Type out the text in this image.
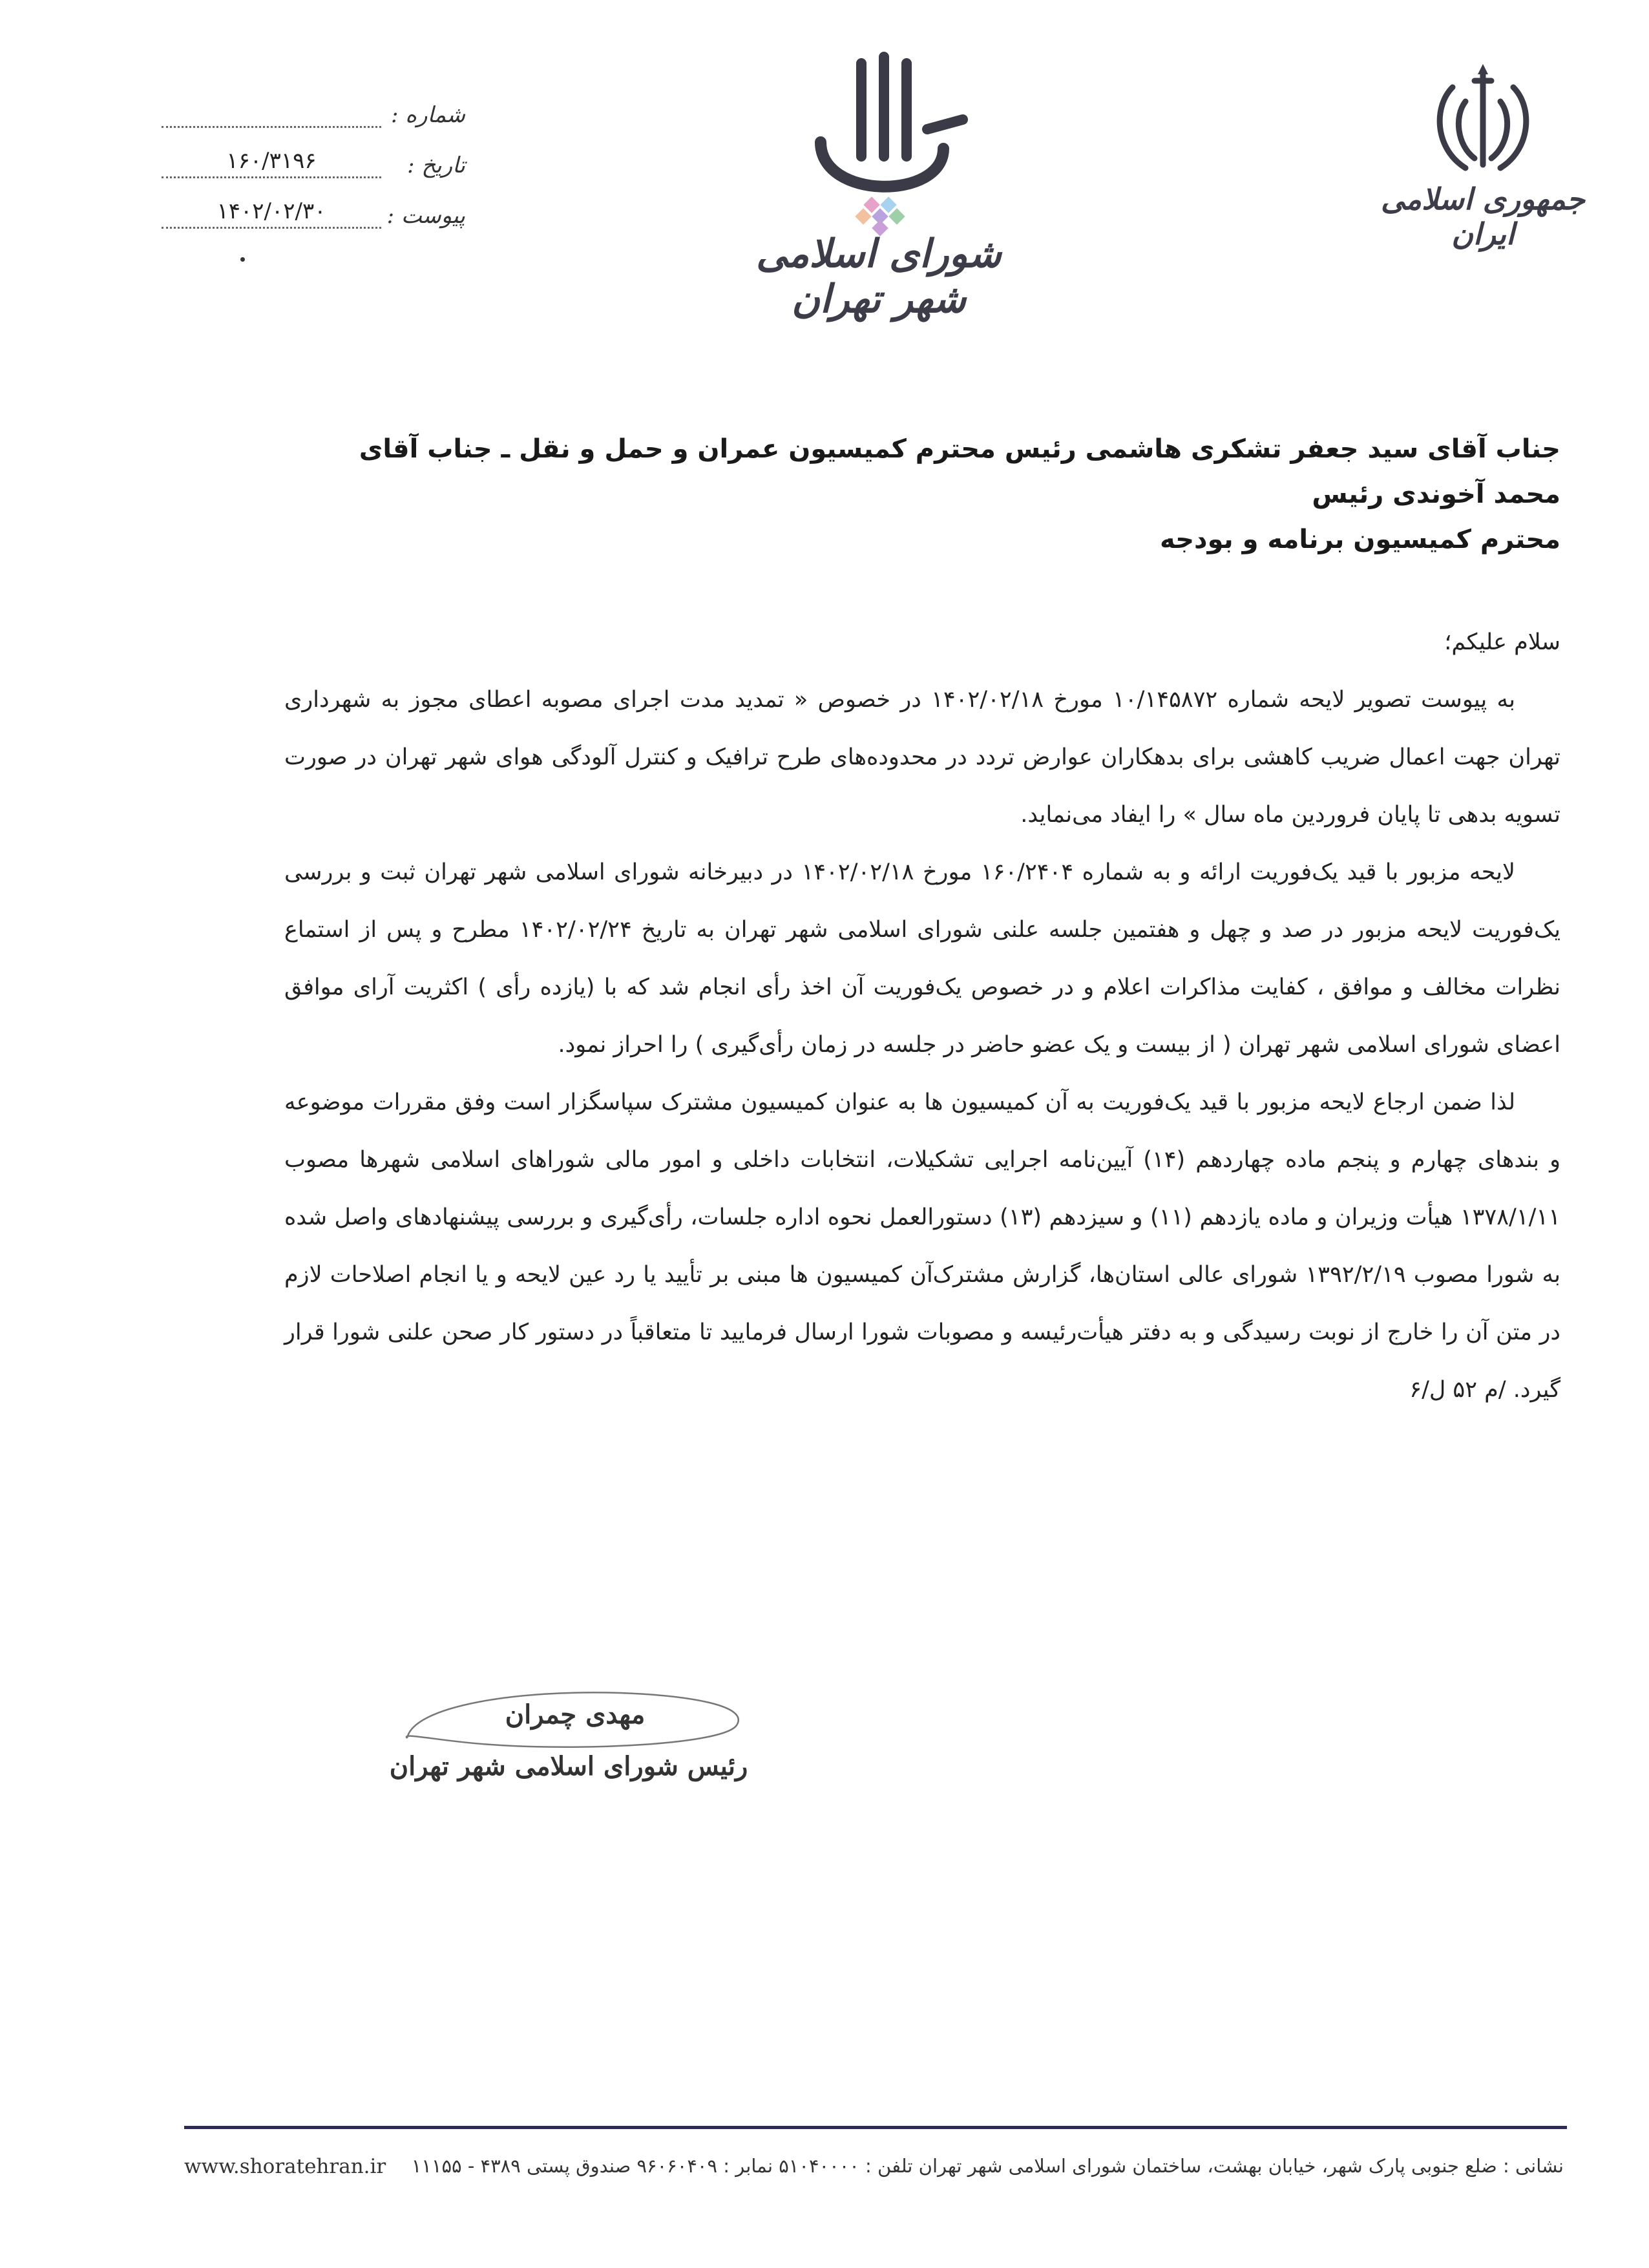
جمهوری اسلامی ایران
شورای اسلامی شهر تهران
شماره :
تاریخ :
۱۶۰/۳۱۹۶
پیوست :
۱۴۰۲/۰۲/۳۰
جناب آقای سید جعفر تشکری هاشمی رئیس محترم کمیسیون عمران و حمل و نقل ـ جناب آقای محمد آخوندی رئیس
محترم کمیسیون برنامه و بودجه

سلام علیکم؛

به پیوست تصویر لایحه شماره ۱۰/۱۴۵۸۷۲ مورخ ۱۴۰۲/۰۲/۱۸ در خصوص « تمدید مدت اجرای مصوبه اعطای مجوز به شهرداری تهران جهت اعمال ضریب کاهشی برای بدهکاران عوارض تردد در محدوده‌های طرح ترافیک و کنترل آلودگی هوای شهر تهران در صورت تسویه بدهی تا پایان فروردین ماه سال » را ایفاد می‌نماید.

لایحه مزبور با قید یک‌فوریت ارائه و به شماره ۱۶۰/۲۴۰۴ مورخ ۱۴۰۲/۰۲/۱۸ در دبیرخانه شورای اسلامی شهر تهران ثبت و بررسی یک‌فوریت لایحه مزبور در صد و چهل و هفتمین جلسه علنی شورای اسلامی شهر تهران به تاریخ ۱۴۰۲/۰۲/۲۴ مطرح و پس از استماع نظرات مخالف و موافق ، کفایت مذاکرات اعلام و در خصوص یک‌فوریت آن اخذ رأی انجام شد که با (یازده رأی ) اکثریت آرای موافق اعضای شورای اسلامی شهر تهران ( از بیست و یک عضو حاضر در جلسه در زمان رأی‌گیری ) را احراز نمود.

لذا ضمن ارجاع لایحه مزبور با قید یک‌فوریت به آن کمیسیون ها به عنوان کمیسیون مشترک سپاسگزار است وفق مقررات موضوعه و بندهای چهارم و پنجم ماده چهاردهم (۱۴) آیین‌نامه اجرایی تشکیلات، انتخابات داخلی و امور مالی شوراهای اسلامی شهرها مصوب ۱۳۷۸/۱/۱۱ هیأت وزیران و ماده یازدهم (۱۱) و سیزدهم (۱۳) دستورالعمل نحوه اداره جلسات، رأی‌گیری و بررسی پیشنهادهای واصل شده به شورا مصوب ۱۳۹۲/۲/۱۹ شورای عالی استان‌ها، گزارش مشترک‌آن کمیسیون ها مبنی بر تأیید یا رد عین لایحه و یا انجام اصلاحات لازم در متن آن را خارج از نوبت رسیدگی و به دفتر هیأت‌رئیسه و مصوبات شورا ارسال فرمایید تا متعاقباً در دستور کار صحن علنی شورا قرار گیرد. /م ۵۲ ل/۶

مهدی چمران
رئیس شورای اسلامی شهر تهران
نشانی : ضلع جنوبی پارک شهر، خیابان بهشت، ساختمان شورای اسلامی شهر تهران تلفن : ۵۱۰۴۰۰۰۰ نمابر : ۹۶۰۶۰۴۰۹ صندوق پستی ۴۳۸۹ - ۱۱۱۵۵
www.shoratehran.ir
